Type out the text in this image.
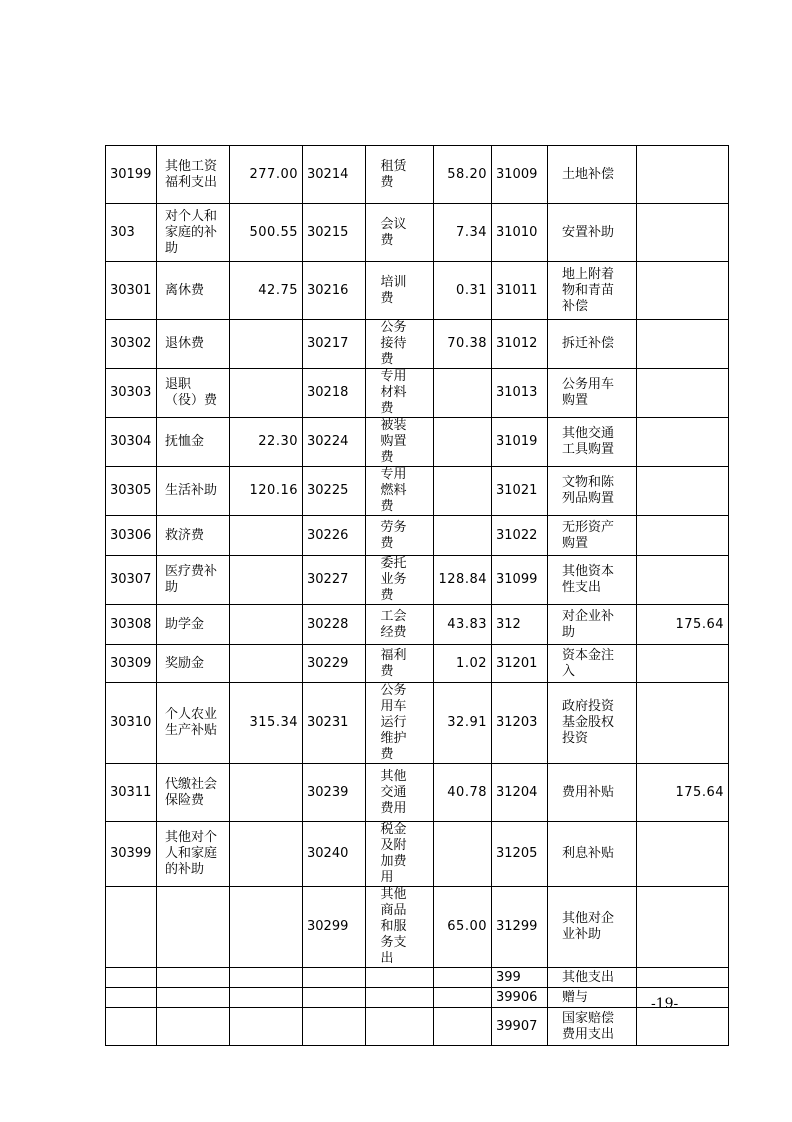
30199	其他工资福利支出	277.00	30214	租赁费	58.20	31009	土地补偿	
303	对个人和家庭的补助	500.55	30215	会议费	7.34	31010	安置补助	
30301	离休费	42.75	30216	培训费	0.31	31011	地上附着物和青苗补偿	
30302	退休费		30217	公务接待费	70.38	31012	拆迁补偿	
30303	退职（役）费		30218	专用材料费		31013	公务用车购置	
30304	抚恤金	22.30	30224	被装购置费		31019	其他交通工具购置	
30305	生活补助	120.16	30225	专用燃料费		31021	文物和陈列品购置	
30306	救济费		30226	劳务费		31022	无形资产购置	
30307	医疗费补助		30227	委托业务费	128.84	31099	其他资本性支出	
30308	助学金		30228	工会经费	43.83	312	对企业补助	175.64
30309	奖励金		30229	福利费	1.02	31201	资本金注入	
30310	个人农业生产补贴	315.34	30231	公务用车运行维护费	32.91	31203	政府投资基金股权投资	
30311	代缴社会保险费		30239	其他交通费用	40.78	31204	费用补贴	175.64
30399	其他对个人和家庭的补助		30240	税金及附加费用		31205	利息补贴	
			30299	其他商品和服务支出	65.00	31299	其他对企业补助	
						399	其他支出	
						39906	赠与	
						39907	国家赔偿费用支出	
-19-
